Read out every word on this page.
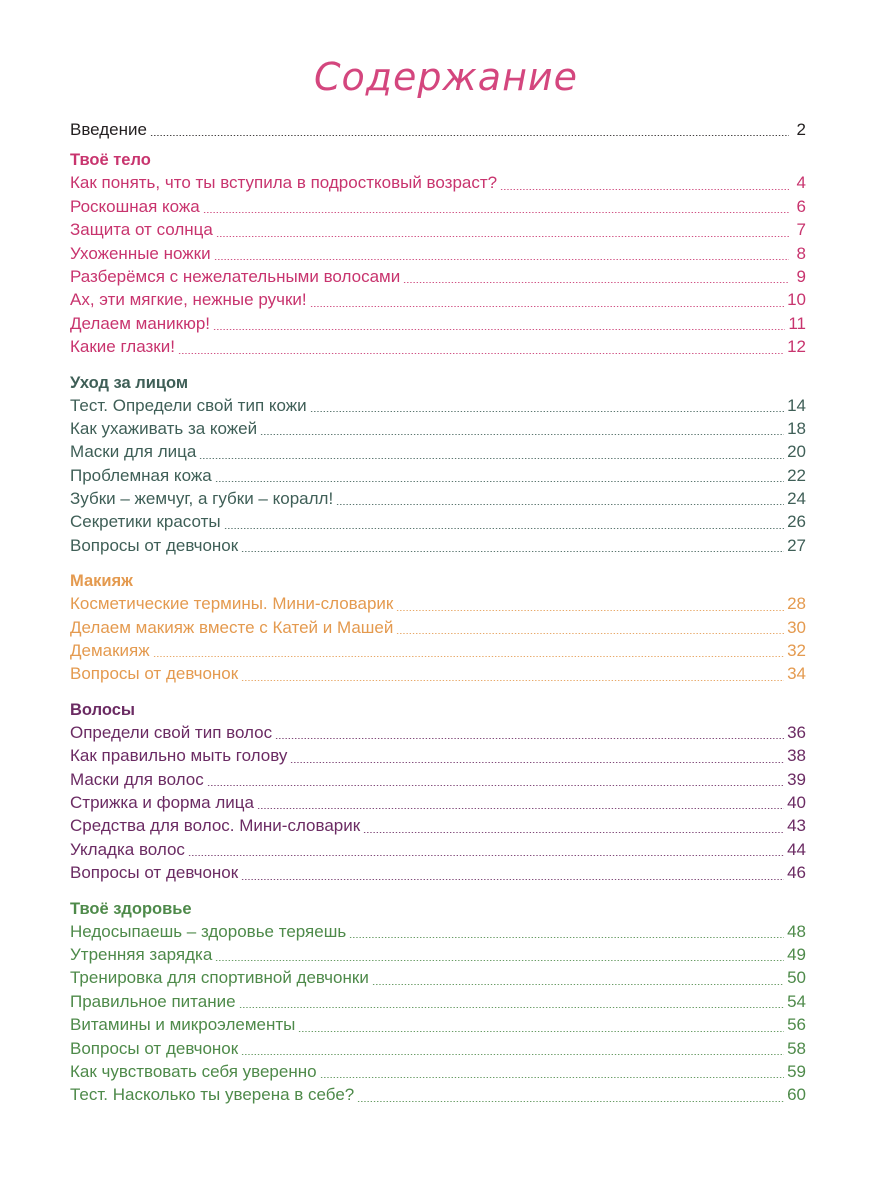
Содержание
Введение	2
Твоё тело
Как понять, что ты вступила в подростковый возраст?	4
Роскошная кожа	6
Защита от солнца	7
Ухоженные ножки	8
Разберёмся с нежелательными волосами	9
Ах, эти мягкие, нежные ручки!	10
Делаем маникюр!	11
Какие глазки!	12
Уход за лицом
Тест. Определи свой тип кожи	14
Как ухаживать за кожей	18
Маски для лица	20
Проблемная кожа	22
Зубки – жемчуг, а губки – коралл!	24
Секретики красоты	26
Вопросы от девчонок	27
Макияж
Косметические термины. Мини-словарик	28
Делаем макияж вместе с Катей и Машей	30
Демакияж	32
Вопросы от девчонок	34
Волосы
Определи свой тип волос	36
Как правильно мыть голову	38
Маски для волос	39
Стрижка и форма лица	40
Средства для волос. Мини-словарик	43
Укладка волос	44
Вопросы от девчонок	46
Твоё здоровье
Недосыпаешь – здоровье теряешь	48
Утренняя зарядка	49
Тренировка для спортивной девчонки	50
Правильное питание	54
Витамины и микроэлементы	56
Вопросы от девчонок	58
Как чувствовать себя уверенно	59
Тест. Насколько ты уверена в себе?	60
